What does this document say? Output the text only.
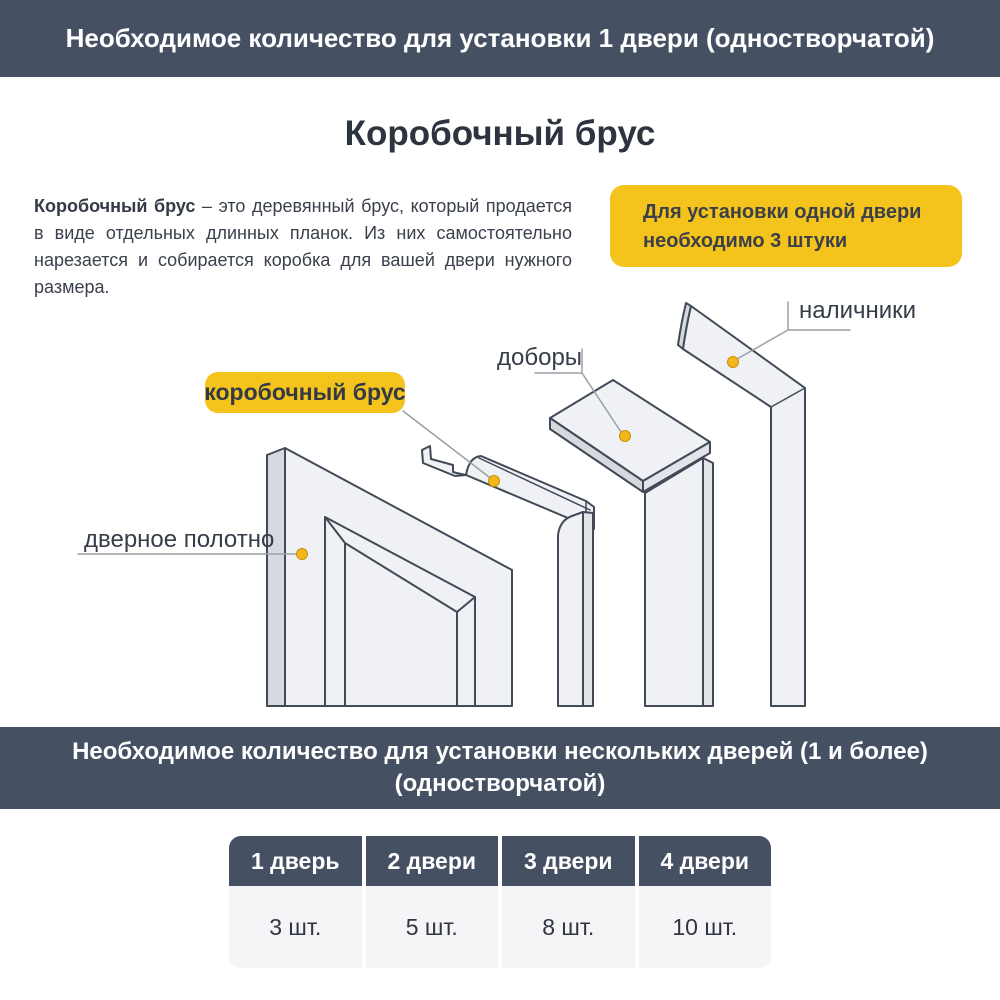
Необходимое количество для установки 1 двери (одностворчатой)
Коробочный брус

Коробочный брус – это деревянный брус, который продается в виде отдельных длинных планок. Из них самостоятельно нарезается и собирается коробка для вашей двери нужного размера.

Для установки одной двери
необходимо 3 штуки
коробочный брус
дверное полотно
доборы
наличники
Необходимое количество для установки нескольких дверей (1 и более)
(одностворчатой)
1 дверь	2 двери	3 двери	4 двери
3 шт.	5 шт.	8 шт.	10 шт.
